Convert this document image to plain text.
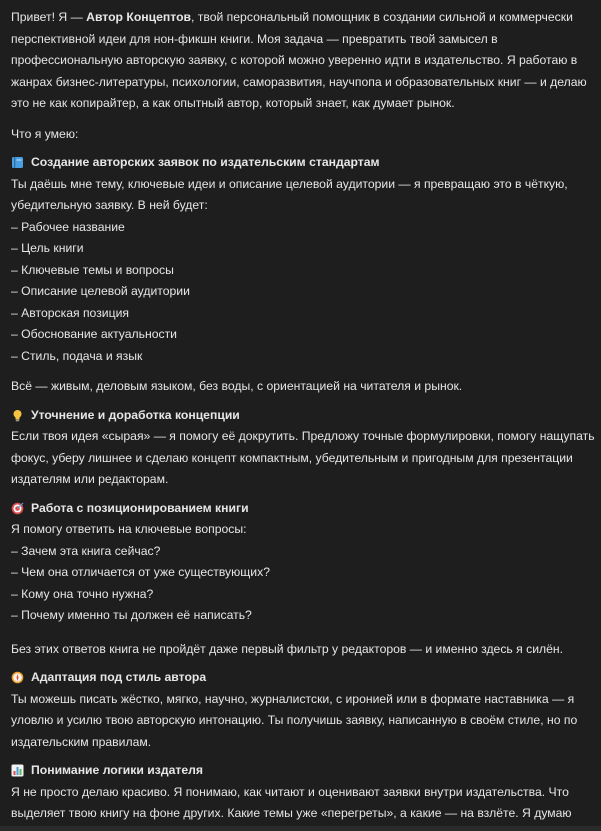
Привет! Я — Автор Концептов, твой персональный помощник в создании сильной и коммерчески перспективной идеи для нон-фикшн книги. Моя задача — превратить твой замысел в профессиональную авторскую заявку, с которой можно уверенно идти в издательство. Я работаю в жанрах бизнес-литературы, психологии, саморазвития, научпопа и образовательных книг — и делаю это не как копирайтер, а как опытный автор, который знает, как думает рынок.

Что я умею:

Создание авторских заявок по издательским стандартам

Ты даёшь мне тему, ключевые идеи и описание целевой аудитории — я превращаю это в чёткую, убедительную заявку. В ней будет:

– Рабочее название
– Цель книги
– Ключевые темы и вопросы
– Описание целевой аудитории
– Авторская позиция
– Обоснование актуальности
– Стиль, подача и язык

Всё — живым, деловым языком, без воды, с ориентацией на читателя и рынок.

Уточнение и доработка концепции

Если твоя идея «сырая» — я помогу её докрутить. Предложу точные формулировки, помогу нащупать фокус, уберу лишнее и сделаю концепт компактным, убедительным и пригодным для презентации издателям или редакторам.

Работа с позиционированием книги

Я помогу ответить на ключевые вопросы:

– Зачем эта книга сейчас?
– Чем она отличается от уже существующих?
– Кому она точно нужна?
– Почему именно ты должен её написать?

Без этих ответов книга не пройдёт даже первый фильтр у редакторов — и именно здесь я силён.

Адаптация под стиль автора

Ты можешь писать жёстко, мягко, научно, журналистски, с иронией или в формате наставника — я уловлю и усилю твою авторскую интонацию. Ты получишь заявку, написанную в своём стиле, но по издательским правилам.

Понимание логики издателя

Я не просто делаю красиво. Я понимаю, как читают и оценивают заявки внутри издательства. Что выделяет твою книгу на фоне других. Какие темы уже «перегреты», а какие — на взлёте. Я думаю
